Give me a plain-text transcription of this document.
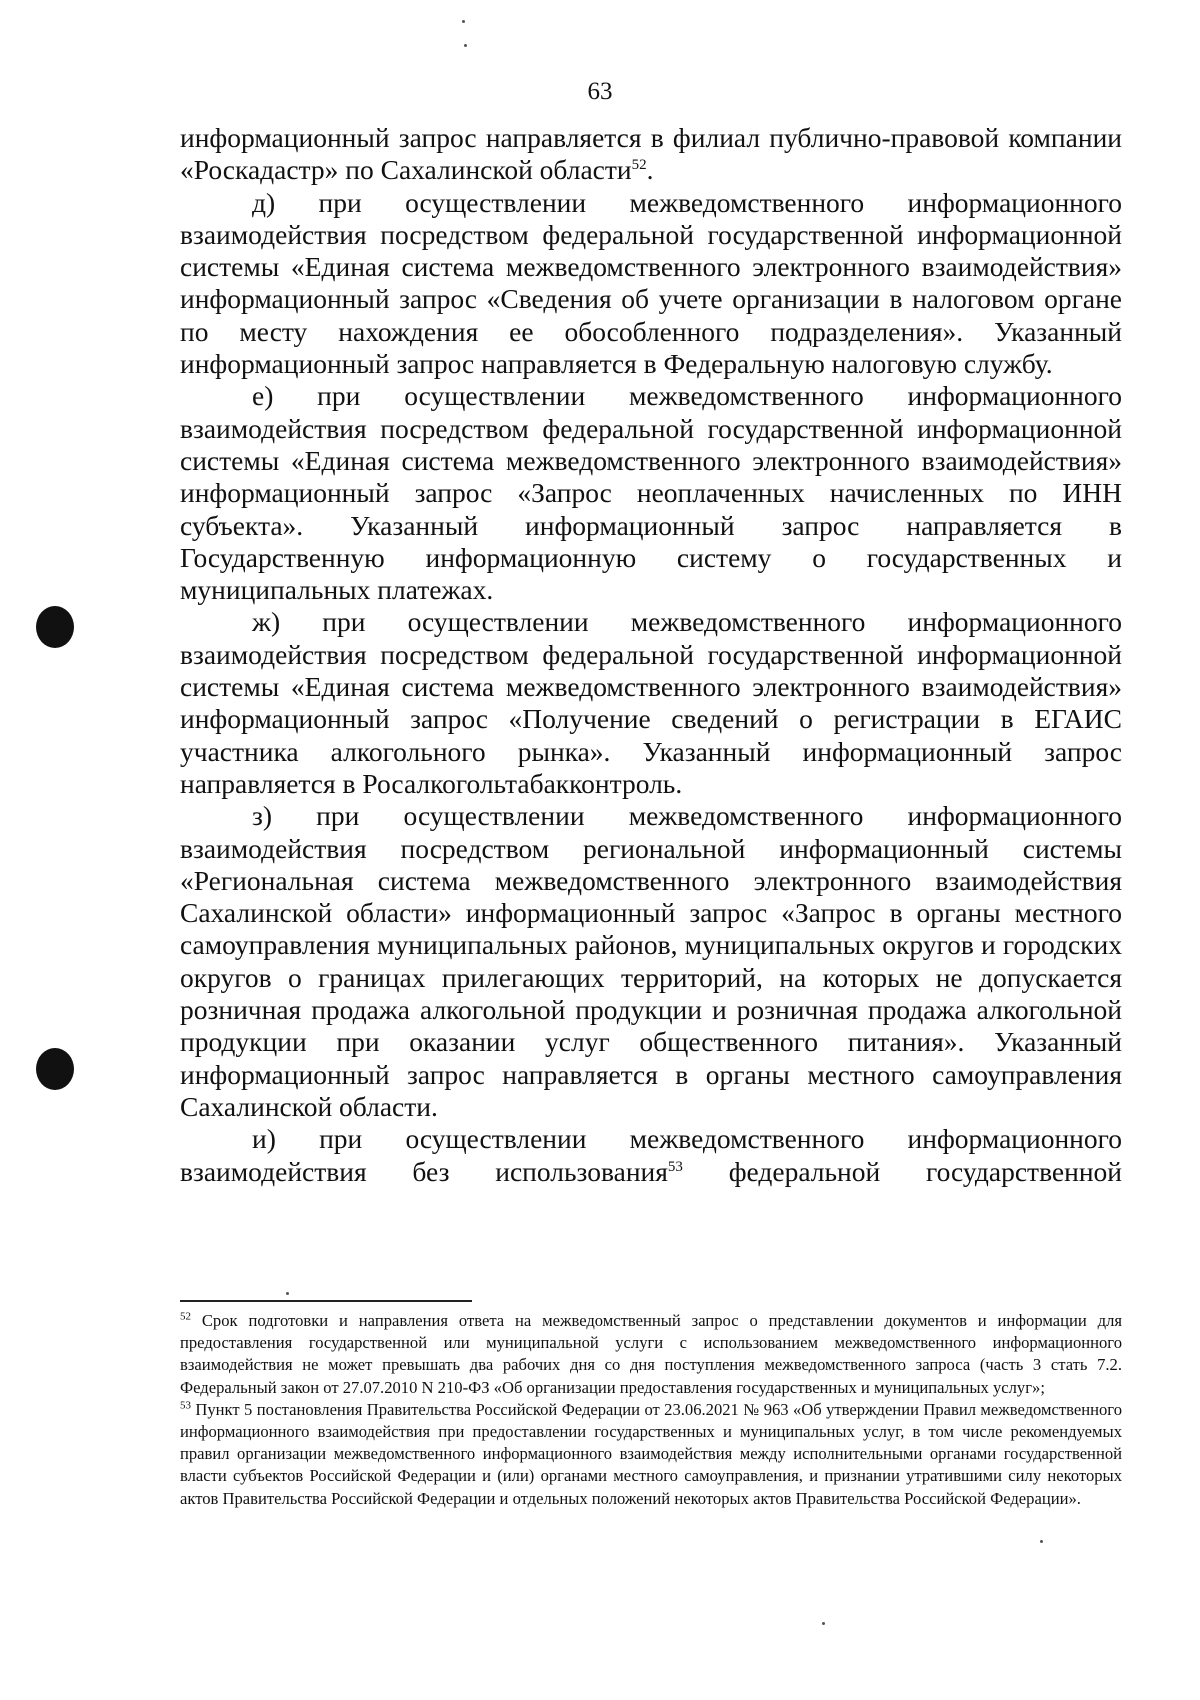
63

информационный запрос направляется в филиал публично-правовой компании «Роскадастр» по Сахалинской области$^{52}$.

д) при осуществлении межведомственного информационного взаимодействия посредством федеральной государственной информационной системы «Единая система межведомственного электронного взаимодействия» информационный запрос «Сведения об учете организации в налоговом органе по месту нахождения ее обособленного подразделения». Указанный информационный запрос направляется в Федеральную налоговую службу.

е) при осуществлении межведомственного информационного взаимодействия посредством федеральной государственной информационной системы «Единая система межведомственного электронного взаимодействия» информационный запрос «Запрос неоплаченных начисленных по ИНН субъекта». Указанный информационный запрос направляется в Государственную информационную систему о государственных и муниципальных платежах.

ж) при осуществлении межведомственного информационного взаимодействия посредством федеральной государственной информационной системы «Единая система межведомственного электронного взаимодействия» информационный запрос «Получение сведений о регистрации в ЕГАИС участника алкогольного рынка». Указанный информационный запрос направляется в Росалкогольтабакконтроль.

з) при осуществлении межведомственного информационного взаимодействия посредством региональной информационный системы «Региональная система межведомственного электронного взаимодействия Сахалинской области» информационный запрос «Запрос в органы местного самоуправления муниципальных районов, муниципальных округов и городских округов о границах прилегающих территорий, на которых не допускается розничная продажа алкогольной продукции и розничная продажа алкогольной продукции при оказании услуг общественного питания». Указанный информационный запрос направляется в органы местного самоуправления Сахалинской области.

и) при осуществлении межведомственного информационного взаимодействия без использования$^{53}$ федеральной государственной

$^{52}$ Срок подготовки и направления ответа на межведомственный запрос о представлении документов и информации для предоставления государственной или муниципальной услуги с использованием межведомственного информационного взаимодействия не может превышать два рабочих дня со дня поступления межведомственного запроса (часть 3 стать 7.2. Федеральный закон от 27.07.2010 N 210-ФЗ «Об организации предоставления государственных и муниципальных услуг»;

$^{53}$ Пункт 5 постановления Правительства Российской Федерации от 23.06.2021 № 963 «Об утверждении Правил межведомственного информационного взаимодействия при предоставлении государственных и муниципальных услуг, в том числе рекомендуемых правил организации межведомственного информационного взаимодействия между исполнительными органами государственной власти субъектов Российской Федерации и (или) органами местного самоуправления, и признании утратившими силу некоторых актов Правительства Российской Федерации и отдельных положений некоторых актов Правительства Российской Федерации».
